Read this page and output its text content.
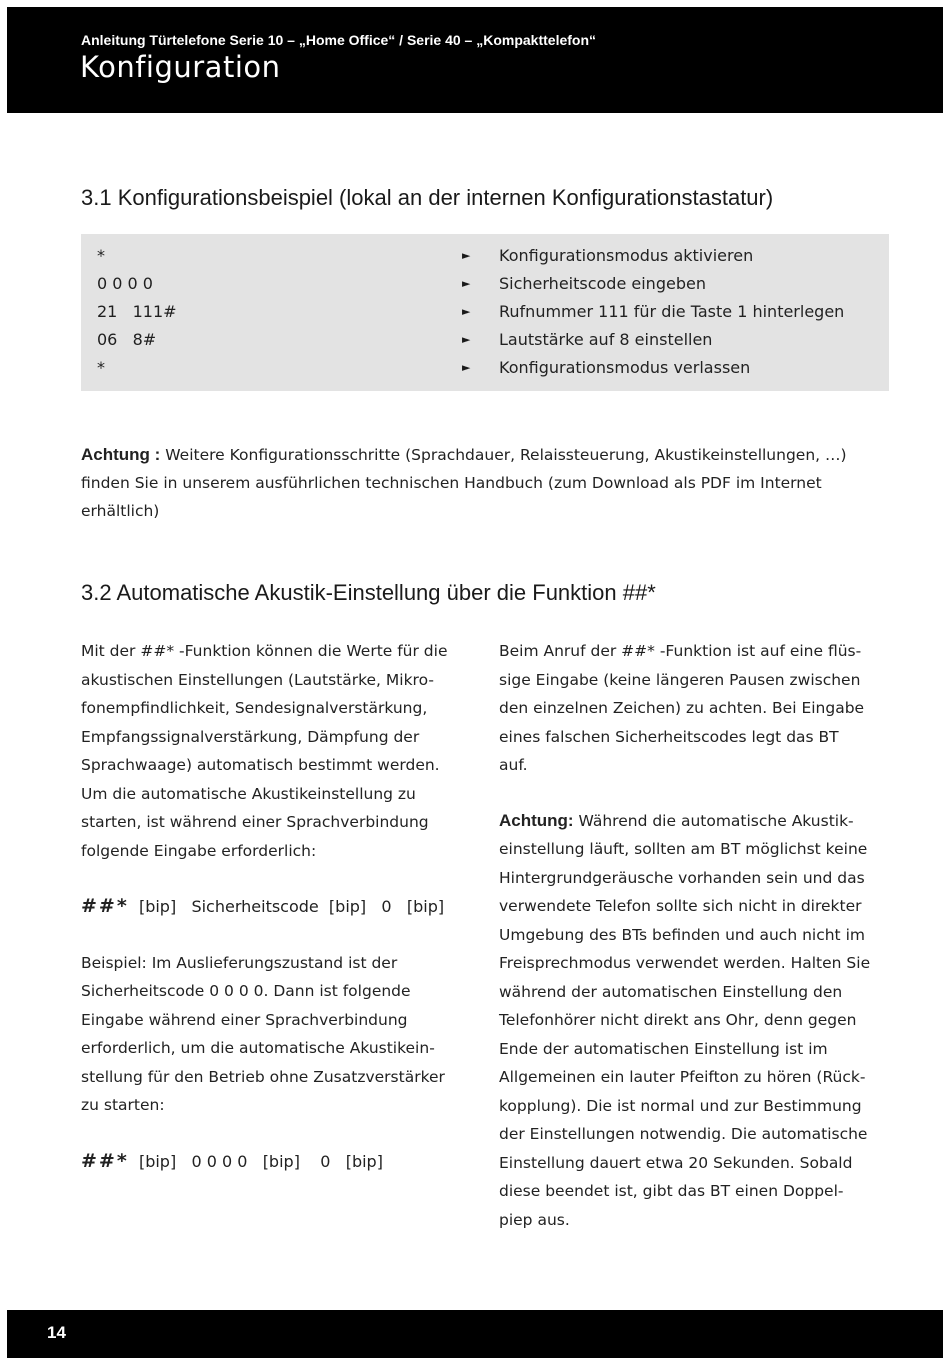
Anleitung Türtelefone Serie 10 – „Home Office“ / Serie 40 – „Kompakttelefon“
Konfiguration
3.1 Konfigurationsbeispiel (lokal an der internen Konfigurationstastatur)
*	► Konfigurationsmodus aktivieren
0 0 0 0	► Sicherheitscode eingeben
21   111#	► Rufnummer 111 für die Taste 1 hinterlegen
06   8#	► Lautstärke auf 8 einstellen
*	► Konfigurationsmodus verlassen
Achtung : Weitere Konfigurationsschritte (Sprachdauer, Relaissteuerung, Akustikeinstellungen, …)
finden Sie in unserem ausführlichen technischen Handbuch (zum Download als PDF im Internet
erhältlich)
3.2 Automatische Akustik-Einstellung über die Funktion ##*
Mit der ##* -Funktion können die Werte für die
akustischen Einstellungen (Lautstärke, Mikro-
fonempfindlichkeit, Sendesignalverstärkung,
Empfangssignalverstärkung, Dämpfung der
Sprachwaage) automatisch bestimmt werden.
Um die automatische Akustikeinstellung zu
starten, ist während einer Sprachverbindung
folgende Eingabe erforderlich:
##*  [bip]   Sicherheitscode  [bip]   0   [bip]
Beispiel: Im Auslieferungszustand ist der
Sicherheitscode 0 0 0 0. Dann ist folgende
Eingabe während einer Sprachverbindung
erforderlich, um die automatische Akustikein-
stellung für den Betrieb ohne Zusatzverstärker
zu starten:
##*  [bip]   0 0 0 0   [bip]    0   [bip]
Beim Anruf der ##* -Funktion ist auf eine flüs-
sige Eingabe (keine längeren Pausen zwischen
den einzelnen Zeichen) zu achten. Bei Eingabe
eines falschen Sicherheitscodes legt das BT
auf.
Achtung: Während die automatische Akustik-
einstellung läuft, sollten am BT möglichst keine
Hintergrundgeräusche vorhanden sein und das
verwendete Telefon sollte sich nicht in direkter
Umgebung des BTs befinden und auch nicht im
Freisprechmodus verwendet werden. Halten Sie
während der automatischen Einstellung den
Telefonhörer nicht direkt ans Ohr, denn gegen
Ende der automatischen Einstellung ist im
Allgemeinen ein lauter Pfeifton zu hören (Rück-
kopplung). Die ist normal und zur Bestimmung
der Einstellungen notwendig. Die automatische
Einstellung dauert etwa 20 Sekunden. Sobald
diese beendet ist, gibt das BT einen Doppel-
piep aus.
14
